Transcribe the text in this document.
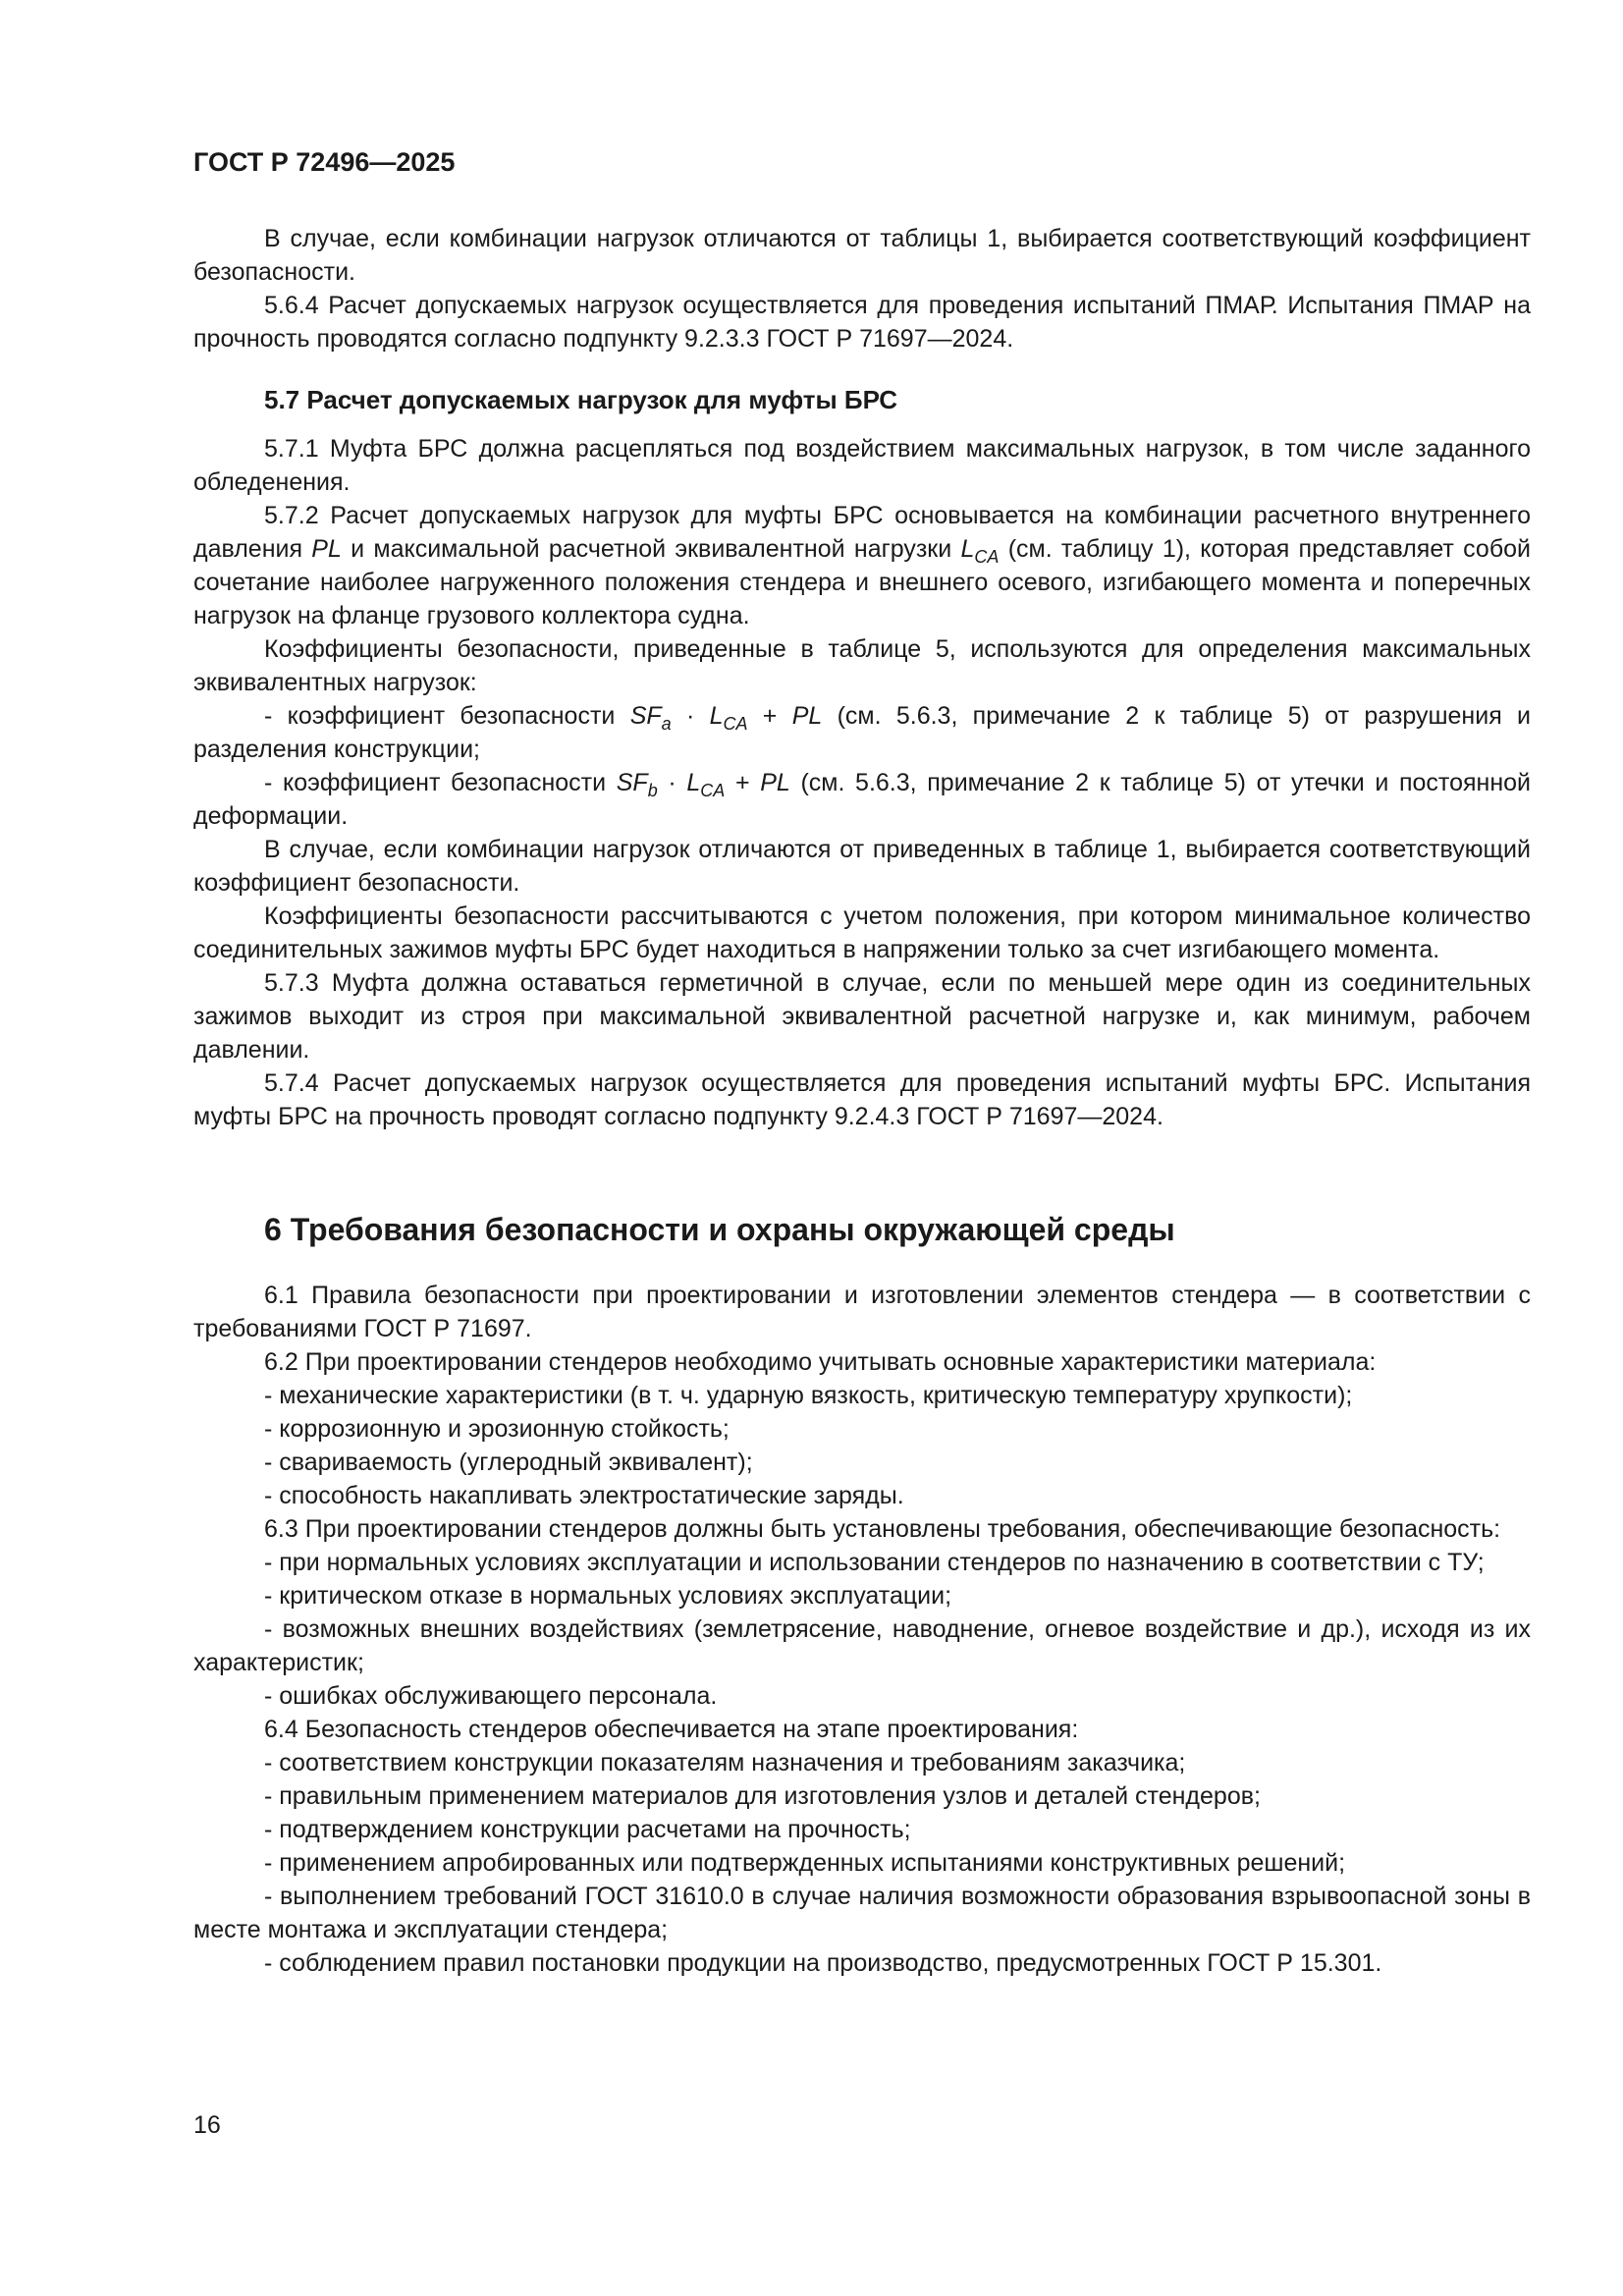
ГОСТ Р 72496—2025

В случае, если комбинации нагрузок отличаются от таблицы 1, выбирается соответствующий коэффициент безопасности.

5.6.4 Расчет допускаемых нагрузок осуществляется для проведения испытаний ПМАР. Испытания ПМАР на прочность проводятся согласно подпункту 9.2.3.3 ГОСТ Р 71697—2024.

5.7 Расчет допускаемых нагрузок для муфты БРС

5.7.1 Муфта БРС должна расцепляться под воздействием максимальных нагрузок, в том числе заданного обледенения.

5.7.2 Расчет допускаемых нагрузок для муфты БРС основывается на комбинации расчетного внутреннего давления PL и максимальной расчетной эквивалентной нагрузки $L_{CA}$ (см. таблицу 1), которая представляет собой сочетание наиболее нагруженного положения стендера и внешнего осевого, изгибающего момента и поперечных нагрузок на фланце грузового коллектора судна.

Коэффициенты безопасности, приведенные в таблице 5, используются для определения максимальных эквивалентных нагрузок:

- коэффициент безопасности $SF_a \cdot L_{CA}$ + PL (см. 5.6.3, примечание 2 к таблице 5) от разрушения и разделения конструкции;

- коэффициент безопасности $SF_b \cdot L_{CA}$ + PL (см. 5.6.3, примечание 2 к таблице 5) от утечки и постоянной деформации.

В случае, если комбинации нагрузок отличаются от приведенных в таблице 1, выбирается соответствующий коэффициент безопасности.

Коэффициенты безопасности рассчитываются с учетом положения, при котором минимальное количество соединительных зажимов муфты БРС будет находиться в напряжении только за счет изгибающего момента.

5.7.3 Муфта должна оставаться герметичной в случае, если по меньшей мере один из соединительных зажимов выходит из строя при максимальной эквивалентной расчетной нагрузке и, как минимум, рабочем давлении.

5.7.4 Расчет допускаемых нагрузок осуществляется для проведения испытаний муфты БРС. Испытания муфты БРС на прочность проводят согласно подпункту 9.2.4.3 ГОСТ Р 71697—2024.

6 Требования безопасности и охраны окружающей среды

6.1 Правила безопасности при проектировании и изготовлении элементов стендера — в соответствии с требованиями ГОСТ Р 71697.

6.2 При проектировании стендеров необходимо учитывать основные характеристики материала:

- механические характеристики (в т. ч. ударную вязкость, критическую температуру хрупкости);

- коррозионную и эрозионную стойкость;

- свариваемость (углеродный эквивалент);

- способность накапливать электростатические заряды.

6.3 При проектировании стендеров должны быть установлены требования, обеспечивающие безопасность:

- при нормальных условиях эксплуатации и использовании стендеров по назначению в соответствии с ТУ;

- критическом отказе в нормальных условиях эксплуатации;

- возможных внешних воздействиях (землетрясение, наводнение, огневое воздействие и др.), исходя из их характеристик;

- ошибках обслуживающего персонала.

6.4 Безопасность стендеров обеспечивается на этапе проектирования:

- соответствием конструкции показателям назначения и требованиям заказчика;

- правильным применением материалов для изготовления узлов и деталей стендеров;

- подтверждением конструкции расчетами на прочность;

- применением апробированных или подтвержденных испытаниями конструктивных решений;

- выполнением требований ГОСТ 31610.0 в случае наличия возможности образования взрывоопасной зоны в месте монтажа и эксплуатации стендера;

- соблюдением правил постановки продукции на производство, предусмотренных ГОСТ Р 15.301.

16
